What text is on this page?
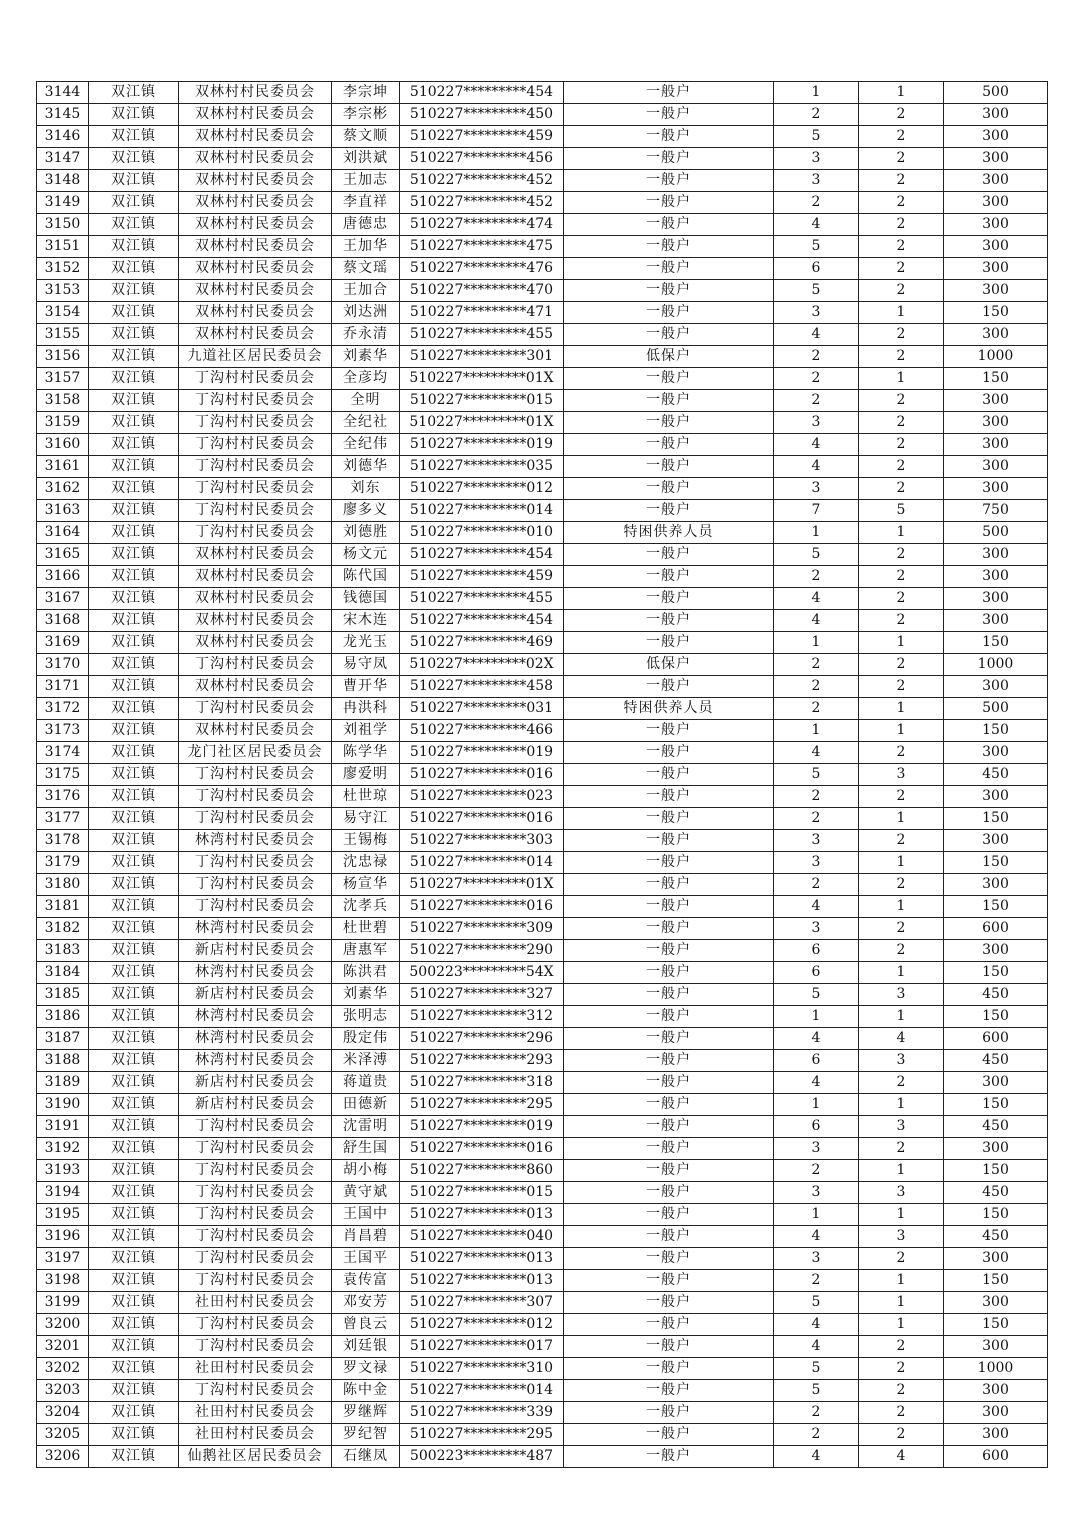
3144	双江镇	双林村村民委员会	李宗坤	510227*********454	一般户	1	1	500
3145	双江镇	双林村村民委员会	李宗彬	510227*********450	一般户	2	2	300
3146	双江镇	双林村村民委员会	蔡文顺	510227*********459	一般户	5	2	300
3147	双江镇	双林村村民委员会	刘洪斌	510227*********456	一般户	3	2	300
3148	双江镇	双林村村民委员会	王加志	510227*********452	一般户	3	2	300
3149	双江镇	双林村村民委员会	李直祥	510227*********452	一般户	2	2	300
3150	双江镇	双林村村民委员会	唐德忠	510227*********474	一般户	4	2	300
3151	双江镇	双林村村民委员会	王加华	510227*********475	一般户	5	2	300
3152	双江镇	双林村村民委员会	蔡文瑶	510227*********476	一般户	6	2	300
3153	双江镇	双林村村民委员会	王加合	510227*********470	一般户	5	2	300
3154	双江镇	双林村村民委员会	刘达洲	510227*********471	一般户	3	1	150
3155	双江镇	双林村村民委员会	乔永清	510227*********455	一般户	4	2	300
3156	双江镇	九道社区居民委员会	刘素华	510227*********301	低保户	2	2	1000
3157	双江镇	丁沟村村民委员会	全彦均	510227*********01X	一般户	2	1	150
3158	双江镇	丁沟村村民委员会	全明	510227*********015	一般户	2	2	300
3159	双江镇	丁沟村村民委员会	全纪社	510227*********01X	一般户	3	2	300
3160	双江镇	丁沟村村民委员会	全纪伟	510227*********019	一般户	4	2	300
3161	双江镇	丁沟村村民委员会	刘德华	510227*********035	一般户	4	2	300
3162	双江镇	丁沟村村民委员会	刘东	510227*********012	一般户	3	2	300
3163	双江镇	丁沟村村民委员会	廖多义	510227*********014	一般户	7	5	750
3164	双江镇	丁沟村村民委员会	刘德胜	510227*********010	特困供养人员	1	1	500
3165	双江镇	双林村村民委员会	杨文元	510227*********454	一般户	5	2	300
3166	双江镇	双林村村民委员会	陈代国	510227*********459	一般户	2	2	300
3167	双江镇	双林村村民委员会	钱德国	510227*********455	一般户	4	2	300
3168	双江镇	双林村村民委员会	宋木连	510227*********454	一般户	4	2	300
3169	双江镇	双林村村民委员会	龙光玉	510227*********469	一般户	1	1	150
3170	双江镇	丁沟村村民委员会	易守凤	510227*********02X	低保户	2	2	1000
3171	双江镇	双林村村民委员会	曹开华	510227*********458	一般户	2	2	300
3172	双江镇	丁沟村村民委员会	冉洪科	510227*********031	特困供养人员	2	1	500
3173	双江镇	双林村村民委员会	刘祖学	510227*********466	一般户	1	1	150
3174	双江镇	龙门社区居民委员会	陈学华	510227*********019	一般户	4	2	300
3175	双江镇	丁沟村村民委员会	廖爱明	510227*********016	一般户	5	3	450
3176	双江镇	丁沟村村民委员会	杜世琼	510227*********023	一般户	2	2	300
3177	双江镇	丁沟村村民委员会	易守江	510227*********016	一般户	2	1	150
3178	双江镇	林湾村村民委员会	王锡梅	510227*********303	一般户	3	2	300
3179	双江镇	丁沟村村民委员会	沈忠禄	510227*********014	一般户	3	1	150
3180	双江镇	丁沟村村民委员会	杨宣华	510227*********01X	一般户	2	2	300
3181	双江镇	丁沟村村民委员会	沈孝兵	510227*********016	一般户	4	1	150
3182	双江镇	林湾村村民委员会	杜世碧	510227*********309	一般户	3	2	600
3183	双江镇	新店村村民委员会	唐惠军	510227*********290	一般户	6	2	300
3184	双江镇	林湾村村民委员会	陈洪君	500223*********54X	一般户	6	1	150
3185	双江镇	新店村村民委员会	刘素华	510227*********327	一般户	5	3	450
3186	双江镇	林湾村村民委员会	张明志	510227*********312	一般户	1	1	150
3187	双江镇	林湾村村民委员会	殷定伟	510227*********296	一般户	4	4	600
3188	双江镇	林湾村村民委员会	米泽溥	510227*********293	一般户	6	3	450
3189	双江镇	新店村村民委员会	蒋道贵	510227*********318	一般户	4	2	300
3190	双江镇	新店村村民委员会	田德新	510227*********295	一般户	1	1	150
3191	双江镇	丁沟村村民委员会	沈雷明	510227*********019	一般户	6	3	450
3192	双江镇	丁沟村村民委员会	舒生国	510227*********016	一般户	3	2	300
3193	双江镇	丁沟村村民委员会	胡小梅	510227*********860	一般户	2	1	150
3194	双江镇	丁沟村村民委员会	黄守斌	510227*********015	一般户	3	3	450
3195	双江镇	丁沟村村民委员会	王国中	510227*********013	一般户	1	1	150
3196	双江镇	丁沟村村民委员会	肖昌碧	510227*********040	一般户	4	3	450
3197	双江镇	丁沟村村民委员会	王国平	510227*********013	一般户	3	2	300
3198	双江镇	丁沟村村民委员会	袁传富	510227*********013	一般户	2	1	150
3199	双江镇	社田村村民委员会	邓安芳	510227*********307	一般户	5	1	300
3200	双江镇	丁沟村村民委员会	曾良云	510227*********012	一般户	4	1	150
3201	双江镇	丁沟村村民委员会	刘廷银	510227*********017	一般户	4	2	300
3202	双江镇	社田村村民委员会	罗文禄	510227*********310	一般户	5	2	1000
3203	双江镇	丁沟村村民委员会	陈中金	510227*********014	一般户	5	2	300
3204	双江镇	社田村村民委员会	罗继辉	510227*********339	一般户	2	2	300
3205	双江镇	社田村村民委员会	罗纪智	510227*********295	一般户	2	2	300
3206	双江镇	仙鹅社区居民委员会	石继凤	500223*********487	一般户	4	4	600
